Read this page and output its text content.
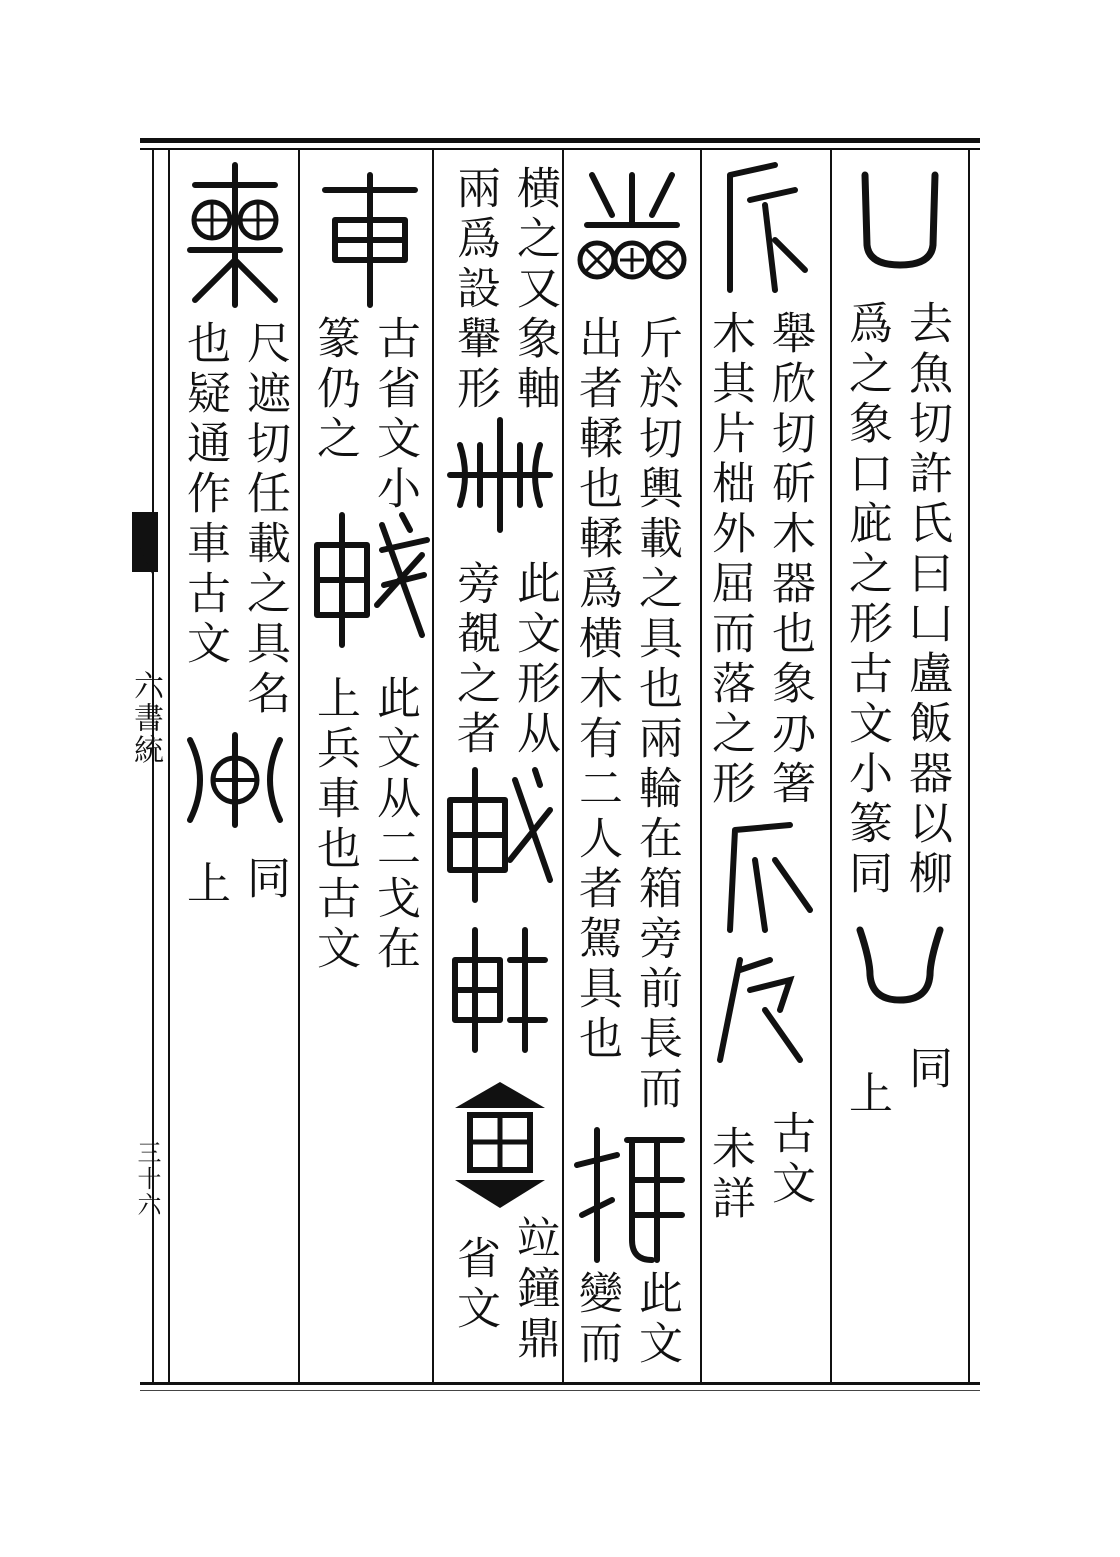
六書統
三十六
去魚切許氏曰凵盧飯器以柳
爲之象口庛之形古文小篆同
同
上
舉欣切斫木器也象刅箸
木其片柮外屈而落之形
古文
未詳
斤於切輿載之具也兩輪在箱旁前長而
出者輮也輮爲横木有二人者駕具也
此文
變而
横之又象軸
兩爲設轝形
此文形从
旁覩之者
竝鐘鼎
省文
古省文小
篆仍之
此文从二戈在
上兵車也古文
尺遮切任載之具名
也疑通作車古文
同
上
